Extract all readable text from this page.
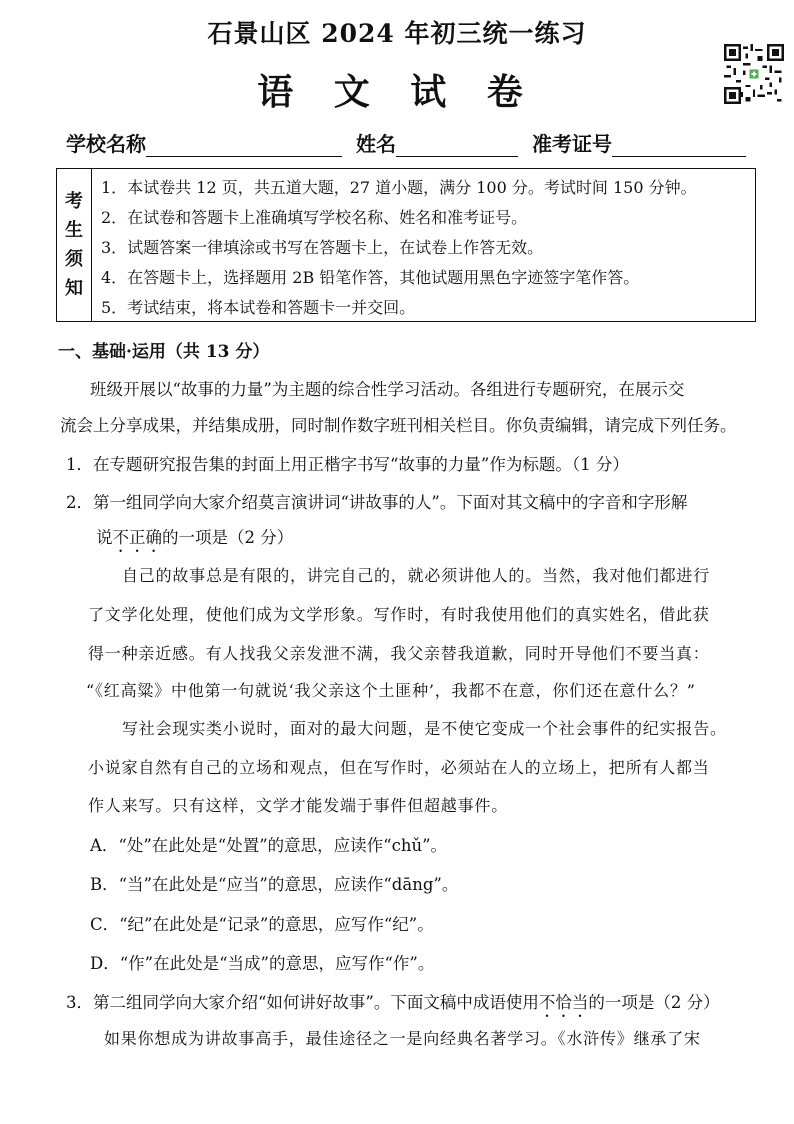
石景山区 2024 年初三统一练习
语 文 试 卷
学校名称	姓名	准考证号
考
生
须
知
1．本试卷共 12 页，共五道大题，27 道小题，满分 100 分。考试时间 150 分钟。
2．在试卷和答题卡上准确填写学校名称、姓名和准考证号。
3．试题答案一律填涂或书写在答题卡上，在试卷上作答无效。
4．在答题卡上，选择题用 2B 铅笔作答，其他试题用黑色字迹签字笔作答。
5．考试结束，将本试卷和答题卡一并交回。
一、基础·运用（共 13 分）
班级开展以“故事的力量”为主题的综合性学习活动。各组进行专题研究，在展示交
流会上分享成果，并结集成册，同时制作数字班刊相关栏目。你负责编辑，请完成下列任务。
1．在专题研究报告集的封面上用正楷字书写“故事的力量”作为标题。（1 分）
2．第一组同学向大家介绍莫言演讲词“讲故事的人”。下面对其文稿中的字音和字形解
说不正确的一项是（2 分）
自己的故事总是有限的，讲完自己的，就必须讲他人的。当然，我对他们都进行
了文学化处理，使他们成为文学形象。写作时，有时我使用他们的真实姓名，借此获
得一种亲近感。有人找我父亲发泄不满，我父亲替我道歉，同时开导他们不要当真：
“《红高粱》中他第一句就说‘我父亲这个土匪种’，我都不在意，你们还在意什么？”
写社会现实类小说时，面对的最大问题，是不使它变成一个社会事件的纪实报告。
小说家自然有自己的立场和观点，但在写作时，必须站在人的立场上，把所有人都当
作人来写。只有这样，文学才能发端于事件但超越事件。
A．“处”在此处是“处置”的意思，应读作“chǔ”。
B．“当”在此处是“应当”的意思，应读作“dāng”。
C．“纪”在此处是“记录”的意思，应写作“纪”。
D．“作”在此处是“当成”的意思，应写作“作”。
3．第二组同学向大家介绍“如何讲好故事”。下面文稿中成语使用不恰当的一项是（2 分）
如果你想成为讲故事高手，最佳途径之一是向经典名著学习。《水浒传》继承了宋
